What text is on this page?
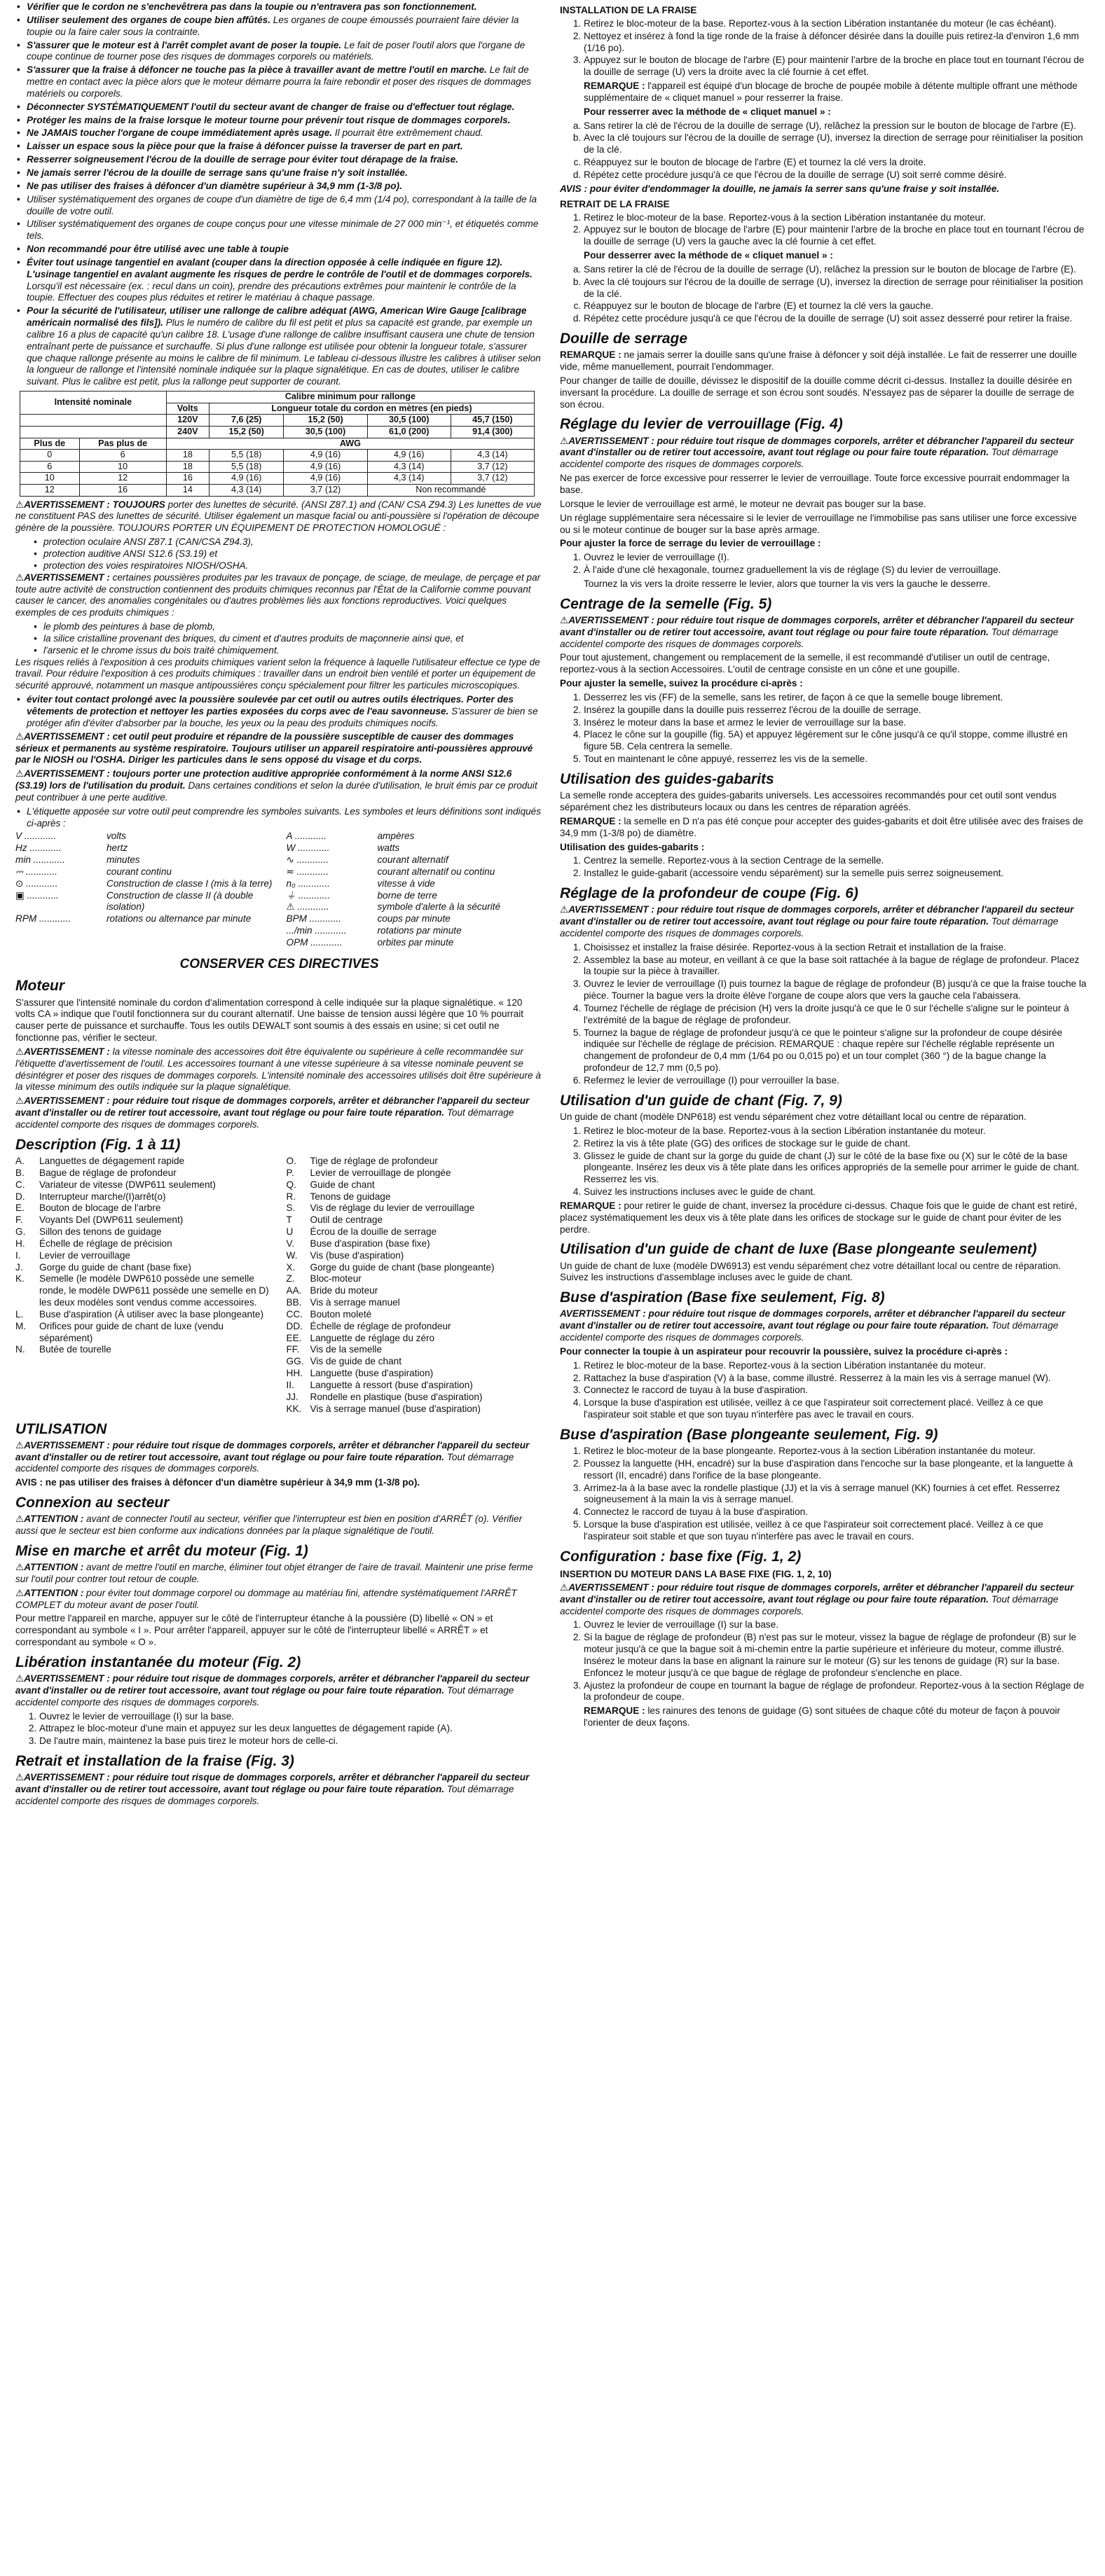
• Vérifier que le cordon ne s'enchevêtrera pas dans la toupie ou n'entravera pas son fonctionnement.
• Utiliser seulement des organes de coupe bien affûtés. Les organes de coupe émoussés pourraient faire dévier la toupie ou la faire caler sous la contrainte.
• S'assurer que le moteur est à l'arrêt complet avant de poser la toupie. Le fait de poser l'outil alors que l'organe de coupe continue de tourner pose des risques de dommages corporels ou matériels.
• S'assurer que la fraise à défoncer ne touche pas la pièce à travailler avant de mettre l'outil en marche. Le fait de mettre en contact avec la pièce alors que le moteur démarre pourra la faire rebondir et poser des risques de dommages matériels ou corporels.
• Déconnecter SYSTÉMATIQUEMENT l'outil du secteur avant de changer de fraise ou d'effectuer tout réglage.
• Protéger les mains de la fraise lorsque le moteur tourne pour prévenir tout risque de dommages corporels.
• Ne JAMAIS toucher l'organe de coupe immédiatement après usage. Il pourrait être extrêmement chaud.
• Laisser un espace sous la pièce pour que la fraise à défoncer puisse la traverser de part en part.
• Resserrer soigneusement l'écrou de la douille de serrage pour éviter tout dérapage de la fraise.
• Ne jamais serrer l'écrou de la douille de serrage sans qu'une fraise n'y soit installée.
• Ne pas utiliser des fraises à défoncer d'un diamètre supérieur à 34,9 mm (1-3/8 po).
• Utiliser systématiquement des organes de coupe d'un diamètre de tige de 6,4 mm (1/4 po), correspondant à la taille de la douille de votre outil.
• Utiliser systématiquement des organes de coupe conçus pour une vitesse minimale de 27 000 min⁻¹, et étiquetés comme tels.
• Non recommandé pour être utilisé avec une table à toupie
• Éviter tout usinage tangentiel en avalant (couper dans la direction opposée à celle indiquée en figure 12). L'usinage tangentiel en avalant augmente les risques de perdre le contrôle de l'outil et de dommages corporels. Lorsqu'il est nécessaire (ex. : recul dans un coin), prendre des précautions extrêmes pour maintenir le contrôle de la toupie. Effectuer des coupes plus réduites et retirer le matériau à chaque passage.
• Pour la sécurité de l'utilisateur, utiliser une rallonge de calibre adéquat (AWG, American Wire Gauge [calibrage américain normalisé des fils]). Plus le numéro de calibre du fil est petit et plus sa capacité est grande, par exemple un calibre 16 a plus de capacité qu'un calibre 18. L'usage d'une rallonge de calibre insuffisant causera une chute de tension entraînant perte de puissance et surchauffe. Si plus d'une rallonge est utilisée pour obtenir la longueur totale, s'assurer que chaque rallonge présente au moins le calibre de fil minimum. Le tableau ci-dessous illustre les calibres à utiliser selon la longueur de rallonge et l'intensité nominale indiquée sur la plaque signalétique. En cas de doutes, utiliser le calibre suivant. Plus le calibre est petit, plus la rallonge peut supporter de courant.
Intensité nominale		Calibre minimum pour rallonge				
		Volts	Longueur totale du cordon en mètres (en pieds)			
		120V	7,6 (25)	15,2 (50)	30,5 (100)	45,7 (150)
		240V	15,2 (50)	30,5 (100)	61,0 (200)	91,4 (300)
Plus de	Pas plus de	AWG				
0	6	18	5,5 (18)	4,9 (16)	4,9 (16)	4,3 (14)
6	10	18	5,5 (18)	4,9 (16)	4,3 (14)	3,7 (12)
10	12	16	4,9 (16)	4,9 (16)	4,3 (14)	3,7 (12)
12	16	14	4,3 (14)	3,7 (12)	Non recommandé	

⚠AVERTISSEMENT : TOUJOURS porter des lunettes de sécurité. (ANSI Z87.1) and (CAN/ CSA Z94.3) Les lunettes de vue ne constituent PAS des lunettes de sécurité. Utiliser également un masque facial ou anti-poussière si l'opération de découpe génère de la poussière. TOUJOURS PORTER UN ÉQUIPEMENT DE PROTECTION HOMOLOGUÉ :

• protection oculaire ANSI Z87.1 (CAN/CSA Z94.3),
• protection auditive ANSI S12.6 (S3.19) et
• protection des voies respiratoires NIOSH/OSHA.

⚠AVERTISSEMENT : certaines poussières produites par les travaux de ponçage, de sciage, de meulage, de perçage et par toute autre activité de construction contiennent des produits chimiques reconnus par l'État de la Californie comme pouvant causer le cancer, des anomalies congénitales ou d'autres problèmes liés aux fonctions reproductives. Voici quelques exemples de ces produits chimiques :

• le plomb des peintures à base de plomb,
• la silice cristalline provenant des briques, du ciment et d'autres produits de maçonnerie ainsi que, et
• l'arsenic et le chrome issus du bois traité chimiquement.

Les risques reliés à l'exposition à ces produits chimiques varient selon la fréquence à laquelle l'utilisateur effectue ce type de travail. Pour réduire l'exposition à ces produits chimiques : travailler dans un endroit bien ventilé et porter un équipement de sécurité approuvé, notamment un masque antipoussières conçu spécialement pour filtrer les particules microscopiques.

• éviter tout contact prolongé avec la poussière soulevée par cet outil ou autres outils électriques. Porter des vêtements de protection et nettoyer les parties exposées du corps avec de l'eau savonneuse. S'assurer de bien se protéger afin d'éviter d'absorber par la bouche, les yeux ou la peau des produits chimiques nocifs.

⚠AVERTISSEMENT : cet outil peut produire et répandre de la poussière susceptible de causer des dommages sérieux et permanents au système respiratoire. Toujours utiliser un appareil respiratoire anti-poussières approuvé par le NIOSH ou l'OSHA. Diriger les particules dans le sens opposé du visage et du corps.

⚠AVERTISSEMENT : toujours porter une protection auditive appropriée conformément à la norme ANSI S12.6 (S3.19) lors de l'utilisation du produit. Dans certaines conditions et selon la durée d'utilisation, le bruit émis par ce produit peut contribuer à une perte auditive.

• L'étiquette apposée sur votre outil peut comprendre les symboles suivants. Les symboles et leurs définitions sont indiqués ci-après :
V ............	volts
Hz ............	hertz
min ............	minutes
⎓ ............	courant continu
⊙ ............	Construction de classe I (mis à la terre)
▣ ............	Construction de classe II (à double isolation)
RPM ............	rotations ou alternance par minute
A ............	ampères
W ............	watts
∿ ............	courant alternatif
≂ ............	courant alternatif ou continu
n₀ ............	vitesse à vide
⏚ ............	borne de terre
⚠ ............	symbole d'alerte à la sécurité
BPM ............	coups par minute
.../min ............	rotations par minute
OPM ............	orbites par minute
CONSERVER CES DIRECTIVES
Moteur

S'assurer que l'intensité nominale du cordon d'alimentation correspond à celle indiquée sur la plaque signalétique. « 120 volts CA » indique que l'outil fonctionnera sur du courant alternatif. Une baisse de tension aussi légère que 10 % pourrait causer perte de puissance et surchauffe. Tous les outils DEWALT sont soumis à des essais en usine; si cet outil ne fonctionne pas, vérifier le secteur.

⚠AVERTISSEMENT : la vitesse nominale des accessoires doit être équivalente ou supérieure à celle recommandée sur l'étiquette d'avertissement de l'outil. Les accessoires tournant à une vitesse supérieure à sa vitesse nominale peuvent se désintégrer et poser des risques de dommages corporels. L'intensité nominale des accessoires utilisés doit être supérieure à la vitesse minimum des outils indiquée sur la plaque signalétique.

⚠AVERTISSEMENT : pour réduire tout risque de dommages corporels, arrêter et débrancher l'appareil du secteur avant d'installer ou de retirer tout accessoire, avant tout réglage ou pour faire toute réparation. Tout démarrage accidentel comporte des risques de dommages corporels.

Description (Fig. 1 à 11)
A.	Languettes de dégagement rapide
B.	Bague de réglage de profondeur
C.	Variateur de vitesse (DWP611 seulement)
D.	Interrupteur marche/(I)arrêt(o)
E.	Bouton de blocage de l'arbre
F.	Voyants Del (DWP611 seulement)
G.	Sillon des tenons de guidage
H.	Échelle de réglage de précision
I.	Levier de verrouillage
J.	Gorge du guide de chant (base fixe)
K.	Semelle (le modèle DWP610 possède une semelle ronde, le modèle DWP611 possède une semelle en D) les deux modèles sont vendus comme accessoires.
L.	Buse d'aspiration (À utiliser avec la base plongeante)
M.	Orifices pour guide de chant de luxe (vendu séparément)
N.	Butée de tourelle
O.	Tige de réglage de profondeur
P.	Levier de verrouillage de plongée
Q.	Guide de chant
R.	Tenons de guidage
S.	Vis de réglage du levier de verrouillage
T	Outil de centrage
U	Écrou de la douille de serrage
V.	Buse d'aspiration (base fixe)
W.	Vis (buse d'aspiration)
X.	Gorge du guide de chant (base plongeante)
Z.	Bloc-moteur
AA. Bride du moteur
BB. Vis à serrage manuel
CC. Bouton moleté
DD. Échelle de réglage de profondeur
EE. Languette de réglage du zéro
FF.	Vis de la semelle
GG. Vis de guide de chant
HH. Languette (buse d'aspiration)
II.	Languette à ressort (buse d'aspiration)
JJ.	Rondelle en plastique (buse d'aspiration)
KK. Vis à serrage manuel (buse d'aspiration)
UTILISATION

⚠AVERTISSEMENT : pour réduire tout risque de dommages corporels, arrêter et débrancher l'appareil du secteur avant d'installer ou de retirer tout accessoire, avant tout réglage ou pour faire toute réparation. Tout démarrage accidentel comporte des risques de dommages corporels.

AVIS : ne pas utiliser des fraises à défoncer d'un diamètre supérieur à 34,9 mm (1-3/8 po).

Connexion au secteur

⚠ATTENTION : avant de connecter l'outil au secteur, vérifier que l'interrupteur est bien en position d'ARRÊT (o). Vérifier aussi que le secteur est bien conforme aux indications données par la plaque signalétique de l'outil.

Mise en marche et arrêt du moteur (Fig. 1)

⚠ATTENTION : avant de mettre l'outil en marche, éliminer tout objet étranger de l'aire de travail. Maintenir une prise ferme sur l'outil pour contrer tout retour de couple.

⚠ATTENTION : pour éviter tout dommage corporel ou dommage au matériau fini, attendre systématiquement l'ARRÊT COMPLET du moteur avant de poser l'outil.

Pour mettre l'appareil en marche, appuyer sur le côté de l'interrupteur étanche à la poussière (D) libellé « ON » et correspondant au symbole « I ». Pour arrêter l'appareil, appuyer sur le côté de l'interrupteur libellé « ARRÊT » et correspondant au symbole « O ».

Libération instantanée du moteur (Fig. 2)

⚠AVERTISSEMENT : pour réduire tout risque de dommages corporels, arrêter et débrancher l'appareil du secteur avant d'installer ou de retirer tout accessoire, avant tout réglage ou pour faire toute réparation. Tout démarrage accidentel comporte des risques de dommages corporels.

1. Ouvrez le levier de verrouillage (I) sur la base.
2. Attrapez le bloc-moteur d'une main et appuyez sur les deux languettes de dégagement rapide (A).
3. De l'autre main, maintenez la base puis tirez le moteur hors de celle-ci.
Retrait et installation de la fraise (Fig. 3)

⚠AVERTISSEMENT : pour réduire tout risque de dommages corporels, arrêter et débrancher l'appareil du secteur avant d'installer ou de retirer tout accessoire, avant tout réglage ou pour faire toute réparation. Tout démarrage accidentel comporte des risques de dommages corporels.

INSTALLATION DE LA FRAISE
1. Retirez le bloc-moteur de la base. Reportez-vous à la section Libération instantanée du moteur (le cas échéant).
2. Nettoyez et insérez à fond la tige ronde de la fraise à défoncer désirée dans la douille puis retirez-la d'environ 1,6 mm (1/16 po).
3. Appuyez sur le bouton de blocage de l'arbre (E) pour maintenir l'arbre de la broche en place tout en tournant l'écrou de la douille de serrage (U) vers la droite avec la clé fournie à cet effet.

REMARQUE : l'appareil est équipé d'un blocage de broche de poupée mobile à détente multiple offrant une méthode supplémentaire de « cliquet manuel » pour resserrer la fraise.

Pour resserrer avec la méthode de « cliquet manuel » :

a. Sans retirer la clé de l'écrou de la douille de serrage (U), relâchez la pression sur le bouton de blocage de l'arbre (E).
b. Avec la clé toujours sur l'écrou de la douille de serrage (U), inversez la direction de serrage pour réinitialiser la position de la clé.
c. Réappuyez sur le bouton de blocage de l'arbre (E) et tournez la clé vers la droite.
d. Répétez cette procédure jusqu'à ce que l'écrou de la douille de serrage (U) soit serré comme désiré.

AVIS : pour éviter d'endommager la douille, ne jamais la serrer sans qu'une fraise y soit installée.

RETRAIT DE LA FRAISE
1. Retirez le bloc-moteur de la base. Reportez-vous à la section Libération instantanée du moteur.
2. Appuyez sur le bouton de blocage de l'arbre (E) pour maintenir l'arbre de la broche en place tout en tournant l'écrou de la douille de serrage (U) vers la gauche avec la clé fournie à cet effet.

Pour desserrer avec la méthode de « cliquet manuel » :

a. Sans retirer la clé de l'écrou de la douille de serrage (U), relâchez la pression sur le bouton de blocage de l'arbre (E).
b. Avec la clé toujours sur l'écrou de la douille de serrage (U), inversez la direction de serrage pour réinitialiser la position de la clé.
c. Réappuyez sur le bouton de blocage de l'arbre (E) et tournez la clé vers la gauche.
d. Répétez cette procédure jusqu'à ce que l'écrou de la douille de serrage (U) soit assez desserré pour retirer la fraise.
Douille de serrage

REMARQUE : ne jamais serrer la douille sans qu'une fraise à défoncer y soit déjà installée. Le fait de resserrer une douille vide, même manuellement, pourrait l'endommager.

Pour changer de taille de douille, dévissez le dispositif de la douille comme décrit ci-dessus. Installez la douille désirée en inversant la procédure. La douille de serrage et son écrou sont soudés. N'essayez pas de séparer la douille de serrage de son écrou.

Réglage du levier de verrouillage (Fig. 4)

⚠AVERTISSEMENT : pour réduire tout risque de dommages corporels, arrêter et débrancher l'appareil du secteur avant d'installer ou de retirer tout accessoire, avant tout réglage ou pour faire toute réparation. Tout démarrage accidentel comporte des risques de dommages corporels.

Ne pas exercer de force excessive pour resserrer le levier de verrouillage. Toute force excessive pourrait endommager la base.

Lorsque le levier de verrouillage est armé, le moteur ne devrait pas bouger sur la base.

Un réglage supplémentaire sera nécessaire si le levier de verrouillage ne l'immobilise pas sans utiliser une force excessive ou si le moteur continue de bouger sur la base après armage.

Pour ajuster la force de serrage du levier de verrouillage :

1. Ouvrez le levier de verrouillage (I).
2. À l'aide d'une clé hexagonale, tournez graduellement la vis de réglage (S) du levier de verrouillage.

Tournez la vis vers la droite resserre le levier, alors que tourner la vis vers la gauche le desserre.

Centrage de la semelle (Fig. 5)

⚠AVERTISSEMENT : pour réduire tout risque de dommages corporels, arrêter et débrancher l'appareil du secteur avant d'installer ou de retirer tout accessoire, avant tout réglage ou pour faire toute réparation. Tout démarrage accidentel comporte des risques de dommages corporels.

Pour tout ajustement, changement ou remplacement de la semelle, il est recommandé d'utiliser un outil de centrage, reportez-vous à la section Accessoires. L'outil de centrage consiste en un cône et une goupille.

Pour ajuster la semelle, suivez la procédure ci-après :

1. Desserrez les vis (FF) de la semelle, sans les retirer, de façon à ce que la semelle bouge librement.
2. Insérez la goupille dans la douille puis resserrez l'écrou de la douille de serrage.
3. Insérez le moteur dans la base et armez le levier de verrouillage sur la base.
4. Placez le cône sur la goupille (fig. 5A) et appuyez légèrement sur le cône jusqu'à ce qu'il stoppe, comme illustré en figure 5B. Cela centrera la semelle.
5. Tout en maintenant le cône appuyé, resserrez les vis de la semelle.
Utilisation des guides-gabarits

La semelle ronde acceptera des guides-gabarits universels. Les accessoires recommandés pour cet outil sont vendus séparément chez les distributeurs locaux ou dans les centres de réparation agréés.

REMARQUE : la semelle en D n'a pas été conçue pour accepter des guides-gabarits et doit être utilisée avec des fraises de 34,9 mm (1-3/8 po) de diamètre.

Utilisation des guides-gabarits :

1. Centrez la semelle. Reportez-vous à la section Centrage de la semelle.
2. Installez le guide-gabarit (accessoire vendu séparément) sur la semelle puis serrez soigneusement.
Réglage de la profondeur de coupe (Fig. 6)

⚠AVERTISSEMENT : pour réduire tout risque de dommages corporels, arrêter et débrancher l'appareil du secteur avant d'installer ou de retirer tout accessoire, avant tout réglage ou pour faire toute réparation. Tout démarrage accidentel comporte des risques de dommages corporels.

1. Choisissez et installez la fraise désirée. Reportez-vous à la section Retrait et installation de la fraise.
2. Assemblez la base au moteur, en veillant à ce que la base soit rattachée à la bague de réglage de profondeur. Placez la toupie sur la pièce à travailler.
3. Ouvrez le levier de verrouillage (I) puis tournez la bague de réglage de profondeur (B) jusqu'à ce que la fraise touche la pièce. Tourner la bague vers la droite élève l'organe de coupe alors que vers la gauche cela l'abaissera.
4. Tournez l'échelle de réglage de précision (H) vers la droite jusqu'à ce que le 0 sur l'échelle s'aligne sur le pointeur à l'extrémité de la bague de réglage de profondeur.
5. Tournez la bague de réglage de profondeur jusqu'à ce que le pointeur s'aligne sur la profondeur de coupe désirée indiquée sur l'échelle de réglage de précision. REMARQUE : chaque repère sur l'échelle réglable représente un changement de profondeur de 0,4 mm (1/64 po ou 0,015 po) et un tour complet (360 °) de la bague change la profondeur de 12,7 mm (0,5 po).
6. Refermez le levier de verrouillage (I) pour verrouiller la base.
Utilisation d'un guide de chant (Fig. 7, 9)

Un guide de chant (modèle DNP618) est vendu séparément chez votre détaillant local ou centre de réparation.

1. Retirez le bloc-moteur de la base. Reportez-vous à la section Libération instantanée du moteur.
2. Retirez la vis à tête plate (GG) des orifices de stockage sur le guide de chant.
3. Glissez le guide de chant sur la gorge du guide de chant (J) sur le côté de la base fixe ou (X) sur le côté de la base plongeante. Insérez les deux vis à tête plate dans les orifices appropriés de la semelle pour arrimer le guide de chant. Resserrez les vis.
4. Suivez les instructions incluses avec le guide de chant.

REMARQUE : pour retirer le guide de chant, inversez la procédure ci-dessus. Chaque fois que le guide de chant est retiré, placez systématiquement les deux vis à tête plate dans les orifices de stockage sur le guide de chant pour éviter de les perdre.

Utilisation d'un guide de chant de luxe (Base plongeante seulement)

Un guide de chant de luxe (modèle DW6913) est vendu séparément chez votre détaillant local ou centre de réparation. Suivez les instructions d'assemblage incluses avec le guide de chant.

Buse d'aspiration (Base fixe seulement, Fig. 8)

AVERTISSEMENT : pour réduire tout risque de dommages corporels, arrêter et débrancher l'appareil du secteur avant d'installer ou de retirer tout accessoire, avant tout réglage ou pour faire toute réparation. Tout démarrage accidentel comporte des risques de dommages corporels.

Pour connecter la toupie à un aspirateur pour recouvrir la poussière, suivez la procédure ci-après :

1. Retirez le bloc-moteur de la base. Reportez-vous à la section Libération instantanée du moteur.
2. Rattachez la buse d'aspiration (V) à la base, comme illustré. Resserrez à la main les vis à serrage manuel (W).
3. Connectez le raccord de tuyau à la buse d'aspiration.
4. Lorsque la buse d'aspiration est utilisée, veillez à ce que l'aspirateur soit correctement placé. Veillez à ce que l'aspirateur soit stable et que son tuyau n'interfère pas avec le travail en cours.
Buse d'aspiration (Base plongeante seulement, Fig. 9)
1. Retirez le bloc-moteur de la base plongeante. Reportez-vous à la section Libération instantanée du moteur.
2. Poussez la languette (HH, encadré) sur la buse d'aspiration dans l'encoche sur la base plongeante, et la languette à ressort (II, encadré) dans l'orifice de la base plongeante.
3. Arrimez-la à la base avec la rondelle plastique (JJ) et la vis à serrage manuel (KK) fournies à cet effet. Resserrez soigneusement à la main la vis à serrage manuel.
4. Connectez le raccord de tuyau à la buse d'aspiration.
5. Lorsque la buse d'aspiration est utilisée, veillez à ce que l'aspirateur soit correctement placé. Veillez à ce que l'aspirateur soit stable et que son tuyau n'interfère pas avec le travail en cours.
Configuration : base fixe (Fig. 1, 2)
INSERTION DU MOTEUR DANS LA BASE FIXE (FIG. 1, 2, 10)

⚠AVERTISSEMENT : pour réduire tout risque de dommages corporels, arrêter et débrancher l'appareil du secteur avant d'installer ou de retirer tout accessoire, avant tout réglage ou pour faire toute réparation. Tout démarrage accidentel comporte des risques de dommages corporels.

1. Ouvrez le levier de verrouillage (I) sur la base.
2. Si la bague de réglage de profondeur (B) n'est pas sur le moteur, vissez la bague de réglage de profondeur (B) sur le moteur jusqu'à ce que la bague soit à mi-chemin entre la partie supérieure et inférieure du moteur, comme illustré. Insérez le moteur dans la base en alignant la rainure sur le moteur (G) sur les tenons de guidage (R) sur la base. Enfoncez le moteur jusqu'à ce que bague de réglage de profondeur s'enclenche en place.
3. Ajustez la profondeur de coupe en tournant la bague de réglage de profondeur. Reportez-vous à la section Réglage de la profondeur de coupe.

REMARQUE : les rainures des tenons de guidage (G) sont situées de chaque côté du moteur de façon à pouvoir l'orienter de deux façons.
